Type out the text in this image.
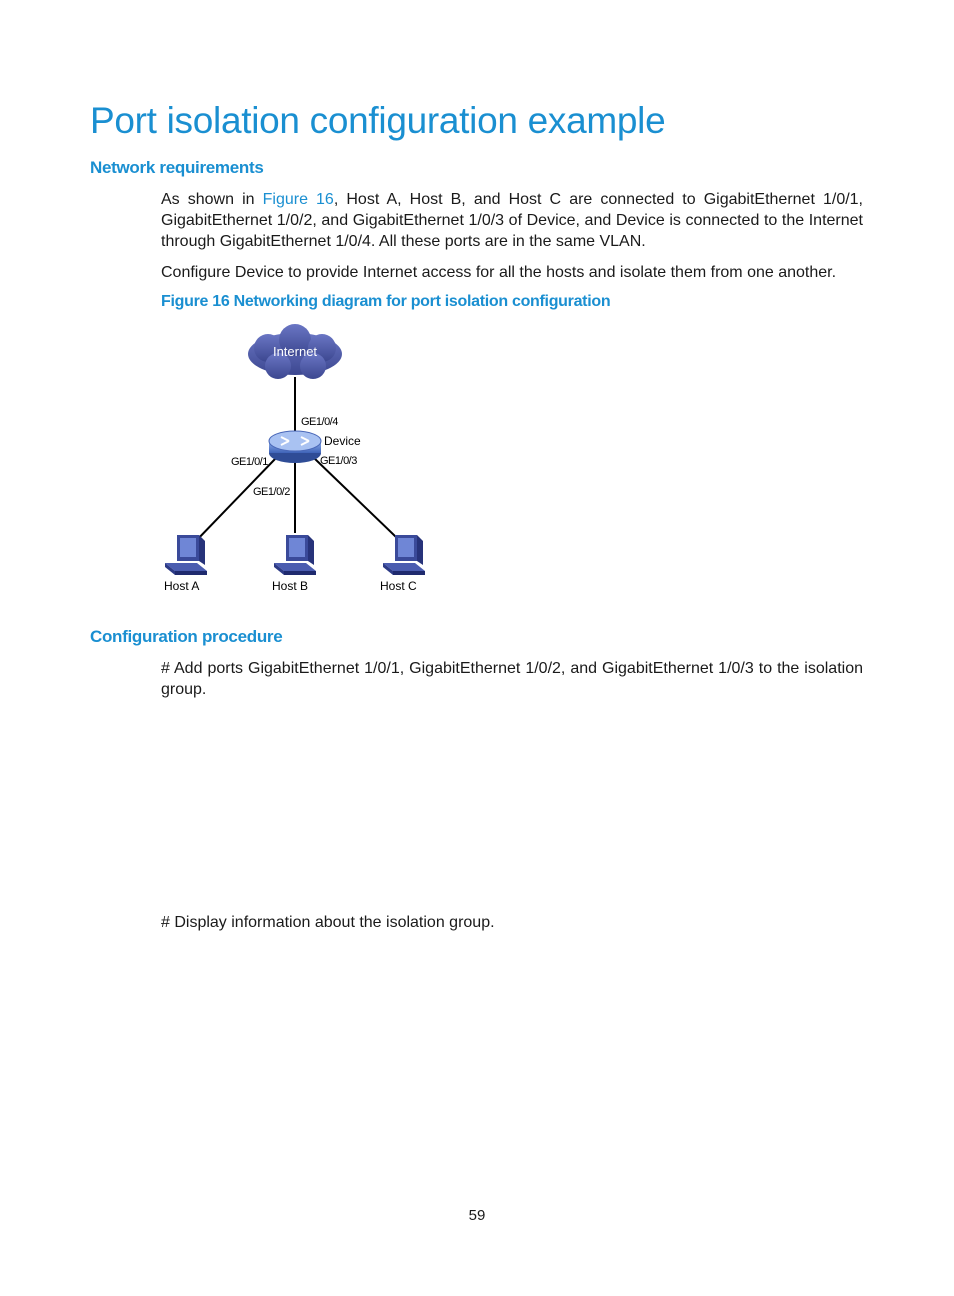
Port isolation configuration example
Network requirements

As shown in Figure 16, Host A, Host B, and Host C are connected to GigabitEthernet 1/0/1, GigabitEthernet 1/0/2, and GigabitEthernet 1/0/3 of Device, and Device is connected to the Internet through GigabitEthernet 1/0/4. All these ports are in the same VLAN.

Configure Device to provide Internet access for all the hosts and isolate them from one another.

Figure 16 Networking diagram for port isolation configuration

Internet
Device
GE1/0/4
GE1/0/1	GE1/0/3
GE1/0/2
Host A	Host B	Host C
Configuration procedure

# Add ports GigabitEthernet 1/0/1, GigabitEthernet 1/0/2, and GigabitEthernet 1/0/3 to the isolation group.

# Display information about the isolation group.

59
